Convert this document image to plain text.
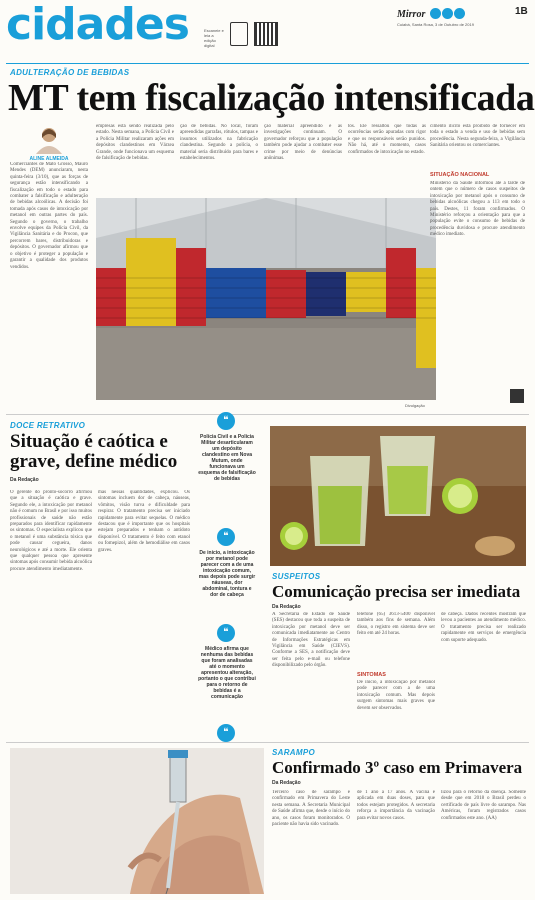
cidades	Escaneie e leia a edição digital
Mirror
Cuiabá, Santa Rosa, 3 de Outubro de 2019
1B
ADULTERAÇÃO DE BEBIDAS
MT tem fiscalização intensificada
ALINE ALMEIDA
Comerciantes de Mato Grosso, Mauro Mendes (DEM) anunciaram, nesta quinta-feira (3/10), que as forças de segurança estão intensificando a fiscalização em todo o estado para combater a falsificação e adulteração de bebidas alcoólicas. A decisão foi tomada após casos de intoxicação por metanol em outras partes do país. Segundo o governo, o trabalho envolve equipes da Polícia Civil, da Vigilância Sanitária e do Procon, que percorrem bares, distribuidoras e depósitos. O governador afirmou que o objetivo é proteger a população e garantir a qualidade dos produtos vendidos.
empresas está sendo realizada pelo estado. Nesta semana, a Polícia Civil e a Polícia Militar realizaram ações em depósitos clandestinos em Várzea Grande, onde funcionava um esquema de falsificação de bebidas.
ção de bebidas. No local, foram apreendidas garrafas, rótulos, tampas e insumos utilizados na fabricação clandestina. Segundo a polícia, o material seria distribuído para bares e estabelecimentos.
ção material apreendido e as investigações continuam. O governador reforçou que a população também pode ajudar a combater esse crime por meio de denúncias anônimas.
tos. Ele ressaltou que todas as ocorrências serão apuradas com rigor e que os responsáveis serão punidos. Não há, até o momento, casos confirmados de intoxicação no estado.
Divulgação
cimento ilícito está proibido de fornecer em toda o estado a venda e uso de bebidas sem procedência. Nesta segunda-feira, a Vigilância Sanitária orientou os comerciantes.
SITUAÇÃO NACIONAL
Ministério da Saúde informou até a tarde de ontem que o número de casos suspeitos de intoxicação por metanol após o consumo de bebidas alcoólicas chegou a 113 em todo o país. Destes, 11 foram confirmados. O Ministério reforçou a orientação para que a população evite o consumo de bebidas de procedência duvidosa e procure atendimento médico imediato.
DOCE RETRATIVO
Situação é caótica e grave, define médico
Da Redação
O gerente do pronto-socorro afirmou que a situação é caótica e grave. Segundo ele, a intoxicação por metanol não é comum no Brasil e por isso muitos profissionais de saúde não estão preparados para identificar rapidamente os sintomas. O especialista explicou que o metanol é uma substância tóxica que pode causar cegueira, danos neurológicos e até a morte. Ele orienta que qualquer pessoa que apresente sintomas após consumir bebida alcoólica procure atendimento imediatamente.
mas nessas quantidades, explicou. Os sintomas incluem dor de cabeça, náuseas, vômitos, visão turva e dificuldade para respirar. O tratamento precisa ser iniciado rapidamente para evitar sequelas. O médico destacou que é importante que os hospitais estejam preparados e tenham o antídoto disponível. O tratamento é feito com etanol ou fomepizol, além de hemodiálise em casos graves.
❝
Polícia Civil e a Polícia Militar desarticularam um depósito clandestino em Nova Mutum, onde funcionava um esquema de falsificação de bebidas
❝
De início, a intoxicação por metanol pode parecer com a de uma intoxicação comum, mas depois pode surgir náuseas, dor abdominal, tontura e dor de cabeça
❝
Médico afirma que nenhuma das bebidas que foram analisadas até o momento apresentou alteração, portanto o que contribui para o retorno de bebidas é a comunicação
SUSPEITOS
Comunicação precisa ser imediata
Da Redação
A Secretaria de Estado de Saúde (SES) destacou que toda a suspeita de intoxicação por metanol deve ser comunicada imediatamente ao Centro de Informações Estratégicas em Vigilância em Saúde (CIEVS). Conforme a SES, a notificação deve ser feita pelo e-mail ou telefone disponibilizado pelo órgão.
telefone (65) 3613-5400 disponível também aos fins de semana. Além disso, o registro em sistema deve ser feito em até 24 horas.
SINTOMAS
De início, a intoxicação por metanol pode parecer com a de uma intoxicação comum. Mas depois surgem sintomas mais graves que devem ser observados.
de cabeça. Dados recentes mostram que levou a pacientes ao atendimento médico. O tratamento precisa ser realizado rapidamente em serviços de emergência com suporte adequado.
❝
SARAMPO
Confirmado 3º caso em Primavera
Da Redação
Terceiro caso de sarampo é confirmado em Primavera do Leste nesta semana. A Secretaria Municipal de Saúde afirma que, desde o início do ano, os casos foram monitorados. O paciente não havia sido vacinado.
de 1 ano a 17 anos. A vacina é aplicada em duas doses, para que todos estejam protegidos. A secretaria reforça a importância da vacinação para evitar novos casos.
lizou para o retorno da doença. Somente desde que em 2018 o Brasil perdeu o certificado de país livre do sarampo. Nas Américas, foram registrados casos confirmados este ano. (AA)
